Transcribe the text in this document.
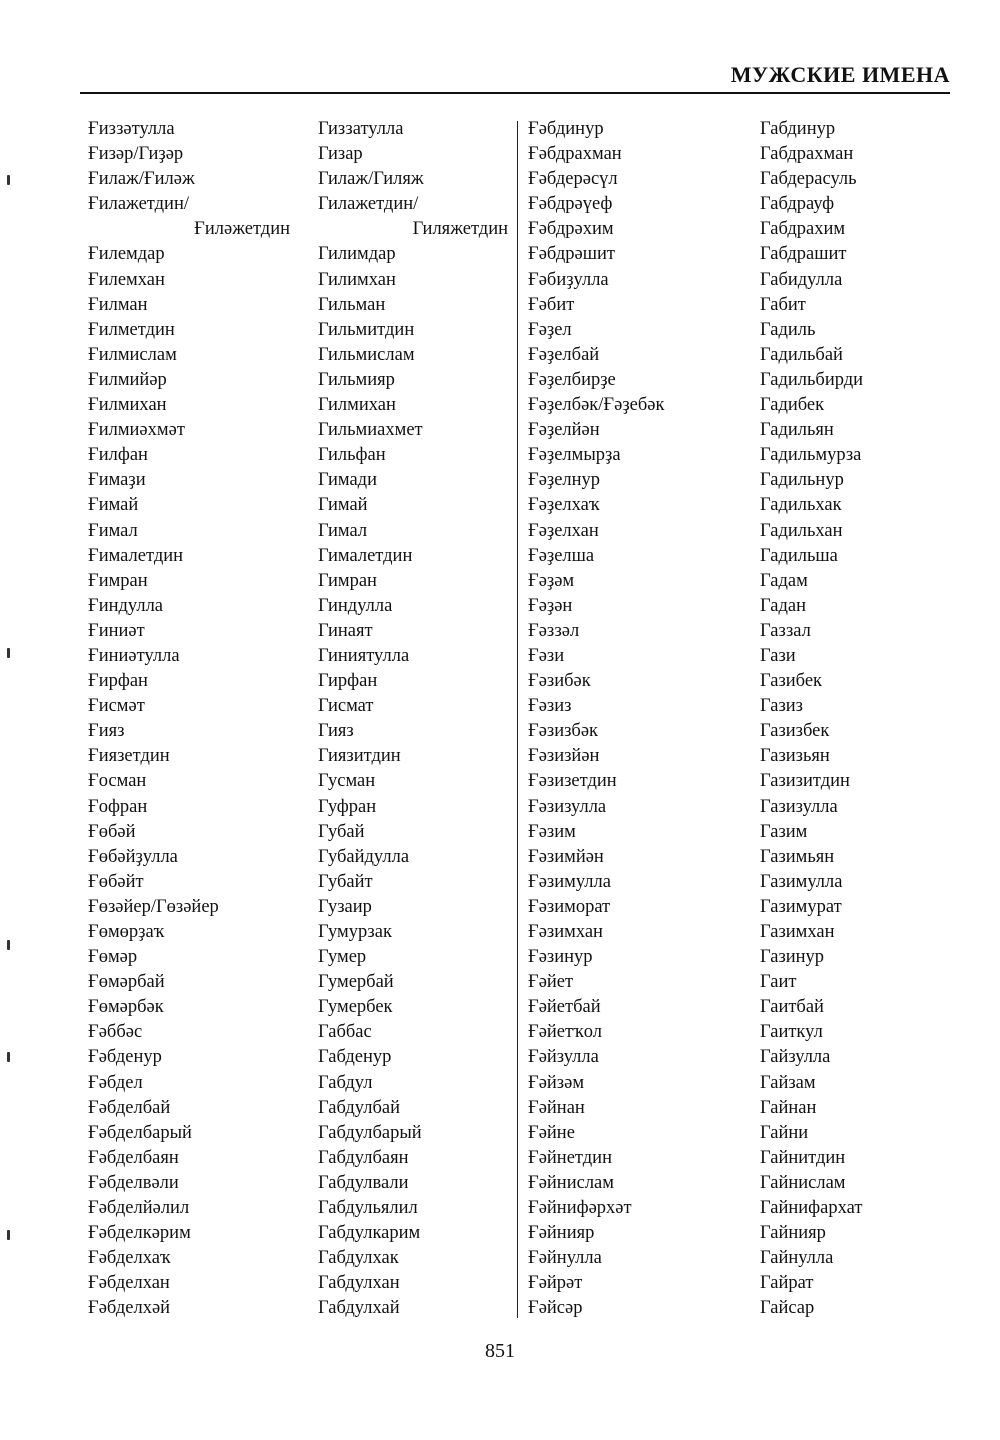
МУЖСКИЕ ИМЕНА
Ғиззәтулла
Ғизәр/Гиҙәр
Ғилаж/Ғиләж
Ғилажетдин/
Ғиләжетдин
Ғилемдар
Ғилемхан
Ғилман
Ғилметдин
Ғилмислам
Ғилмийәр
Ғилмихан
Ғилмиәхмәт
Ғилфан
Ғимаҙи
Ғимай
Ғимал
Ғималетдин
Ғимран
Ғиндулла
Ғиниәт
Ғиниәтулла
Ғирфан
Ғисмәт
Ғияз
Ғиязетдин
Ғосман
Ғофран
Ғөбәй
Ғөбәйҙулла
Ғөбәйт
Ғөзәйер/Гөзәйер
Ғөмөрҙаҡ
Ғөмәр
Ғөмәрбай
Ғөмәрбәк
Ғәббәс
Ғәбденур
Ғәбдел
Ғәбделбай
Ғәбделбарый
Ғәбделбаян
Ғәбделвәли
Ғәбделйәлил
Ғәбделкәрим
Ғәбделхаҡ
Ғәбделхан
Ғәбделхәй
Гиззатулла
Гизар
Гилаж/Гиляж
Гилажетдин/
Гиляжетдин
Гилимдар
Гилимхан
Гильман
Гильмитдин
Гильмислам
Гильмияр
Гилмихан
Гильмиахмет
Гильфан
Гимади
Гимай
Гимал
Гималетдин
Гимран
Гиндулла
Гинаят
Гиниятулла
Гирфан
Гисмат
Гияз
Гиязитдин
Гусман
Гуфран
Губай
Губайдулла
Губайт
Гузаир
Гумурзак
Гумер
Гумербай
Гумербек
Габбас
Габденур
Габдул
Габдулбай
Габдулбарый
Габдулбаян
Габдулвали
Габдульялил
Габдулкарим
Габдулхак
Габдулхан
Габдулхай
Ғәбдинур
Ғәбдрахман
Ғәбдерәсүл
Ғәбдрәүеф
Ғәбдрәхим
Ғәбдрәшит
Ғәбиҙулла
Ғәбит
Ғәҙел
Ғәҙелбай
Ғәҙелбирҙе
Ғәҙелбәк/Ғәҙебәк
Ғәҙелйән
Ғәҙелмырҙа
Ғәҙелнур
Ғәҙелхаҡ
Ғәҙелхан
Ғәҙелша
Ғәҙәм
Ғәҙән
Ғәззәл
Ғәзи
Ғәзибәк
Ғәзиз
Ғәзизбәк
Ғәзизйән
Ғәзизетдин
Ғәзизулла
Ғәзим
Ғәзимйән
Ғәзимулла
Ғәзиморат
Ғәзимхан
Ғәзинур
Ғәйет
Ғәйетбай
Ғәйетҡол
Ғәйзулла
Ғәйзәм
Ғәйнан
Ғәйне
Ғәйнетдин
Ғәйнислам
Ғәйнифәрхәт
Ғәйнияр
Ғәйнулла
Ғәйрәт
Ғәйсәр
Габдинур
Габдрахман
Габдерасуль
Габдрауф
Габдрахим
Габдрашит
Габидулла
Габит
Гадиль
Гадильбай
Гадильбирди
Гадибек
Гадильян
Гадильмурза
Гадильнур
Гадильхак
Гадильхан
Гадильша
Гадам
Гадан
Газзал
Гази
Газибек
Газиз
Газизбек
Газизьян
Газизитдин
Газизулла
Газим
Газимьян
Газимулла
Газимурат
Газимхан
Газинур
Гаит
Гаитбай
Гаиткул
Гайзулла
Гайзам
Гайнан
Гайни
Гайнитдин
Гайнислам
Гайнифархат
Гайнияр
Гайнулла
Гайрат
Гайсар
851
